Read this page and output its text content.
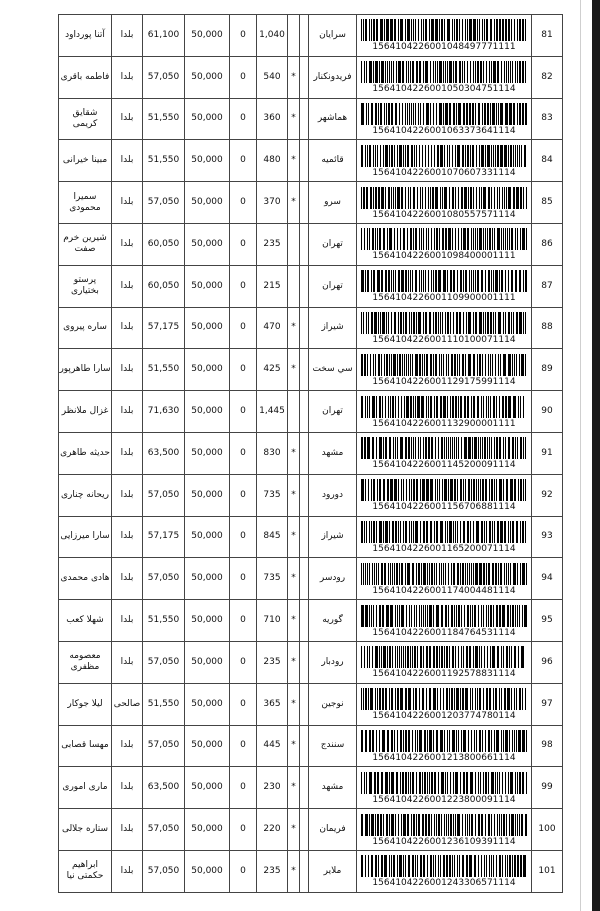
آتنا پورداود	بلدا	61,100	50,000	0	1,040			سرایان	1564104226001048497771111	81
فاطمه باقری	بلدا	57,050	50,000	0	540	*		فریدونکنار	1564104226001050304751114	82
شقایق کریمی	بلدا	51,550	50,000	0	360	*		هماشهر	1564104226001063373641114	83
مبینا خیرانی	بلدا	51,550	50,000	0	480	*		قائمیه	1564104226001070607331114	84
سمیرا محمودی	بلدا	57,050	50,000	0	370	*		سرو	1564104226001080557571114	85
شیرین خرم صفت	بلدا	60,050	50,000	0	235			تهران	1564104226001098400001111	86
پرستو بختیاری	بلدا	60,050	50,000	0	215			تهران	1564104226001109900001111	87
ساره پیروی	بلدا	57,175	50,000	0	470	*		شیراز	1564104226001110100071114	88
سارا طاهرپور	بلدا	51,550	50,000	0	425	*		سي سخت	1564104226001129175991114	89
غزال ملانظر	بلدا	71,630	50,000	0	1,445			تهران	1564104226001132900001111	90
حدیثه طاهری	بلدا	63,500	50,000	0	830	*		مشهد	1564104226001145200091114	91
ریحانه چناری	بلدا	57,050	50,000	0	735	*		دورود	1564104226001156706881114	92
سارا میرزایی	بلدا	57,175	50,000	0	845	*		شیراز	1564104226001165200071114	93
هادی محمدی	بلدا	57,050	50,000	0	735	*		رودسر	1564104226001174004481114	94
شهلا کعب	بلدا	51,550	50,000	0	710	*		گوریه	1564104226001184764531114	95
معصومه مظفری	بلدا	57,050	50,000	0	235	*		رودبار	1564104226001192578831114	96
لیلا جوکار	صالحی	51,550	50,000	0	365	*		نوجین	1564104226001203774780114	97
مهسا قصابی	بلدا	57,050	50,000	0	445	*		سنندج	1564104226001213800661114	98
ماری اموری	بلدا	63,500	50,000	0	230	*		مشهد	1564104226001223800091114	99
ستاره جلالی	بلدا	57,050	50,000	0	220	*		فریمان	1564104226001236109391114	100
ابراهیم حکمتی نیا	بلدا	57,050	50,000	0	235	*		ملایر	1564104226001243306571114	101
